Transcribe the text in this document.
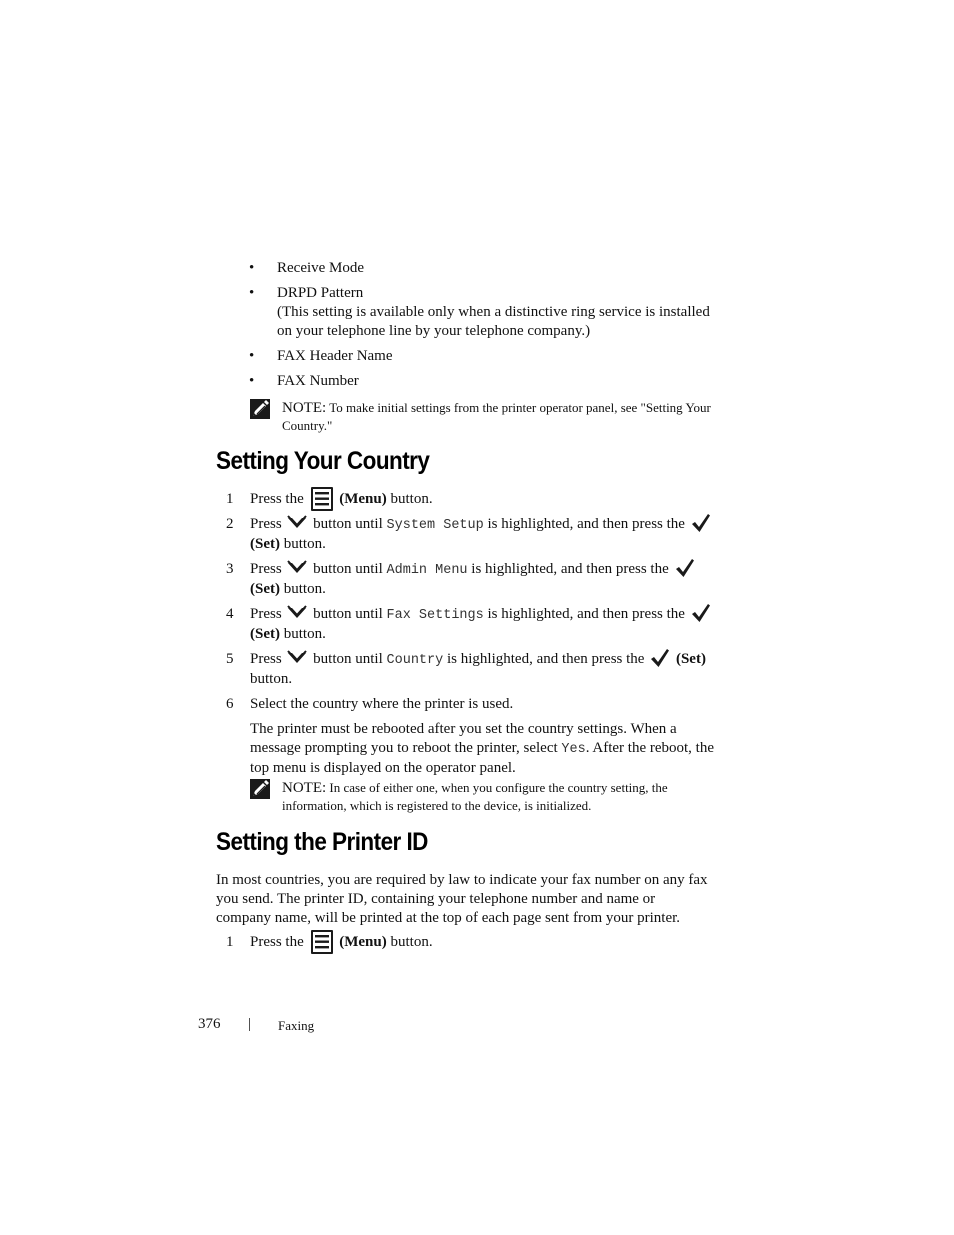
• Receive Mode
• DRPD Pattern
(This setting is available only when a distinctive ring service is installed on your telephone line by your telephone company.)
• FAX Header Name
• FAX Number
NOTE: To make initial settings from the printer operator panel, see "Setting Your Country."
Setting Your Country
1 Press the (Menu) button.
2 Press button until System Setup is highlighted, and then press the
(Set) button.
3 Press button until Admin Menu is highlighted, and then press the
(Set) button.
4 Press button until Fax Settings is highlighted, and then press the
(Set) button.
5 Press button until Country is highlighted, and then press the (Set)
button.
6 Select the country where the printer is used.
The printer must be rebooted after you set the country settings. When a message prompting you to reboot the printer, select Yes. After the reboot, the top menu is displayed on the operator panel.
NOTE: In case of either one, when you configure the country setting, the information, which is registered to the device, is initialized.
Setting the Printer ID
In most countries, you are required by law to indicate your fax number on any fax you send. The printer ID, containing your telephone number and name or company name, will be printed at the top of each page sent from your printer.
1 Press the (Menu) button.
376 | Faxing
